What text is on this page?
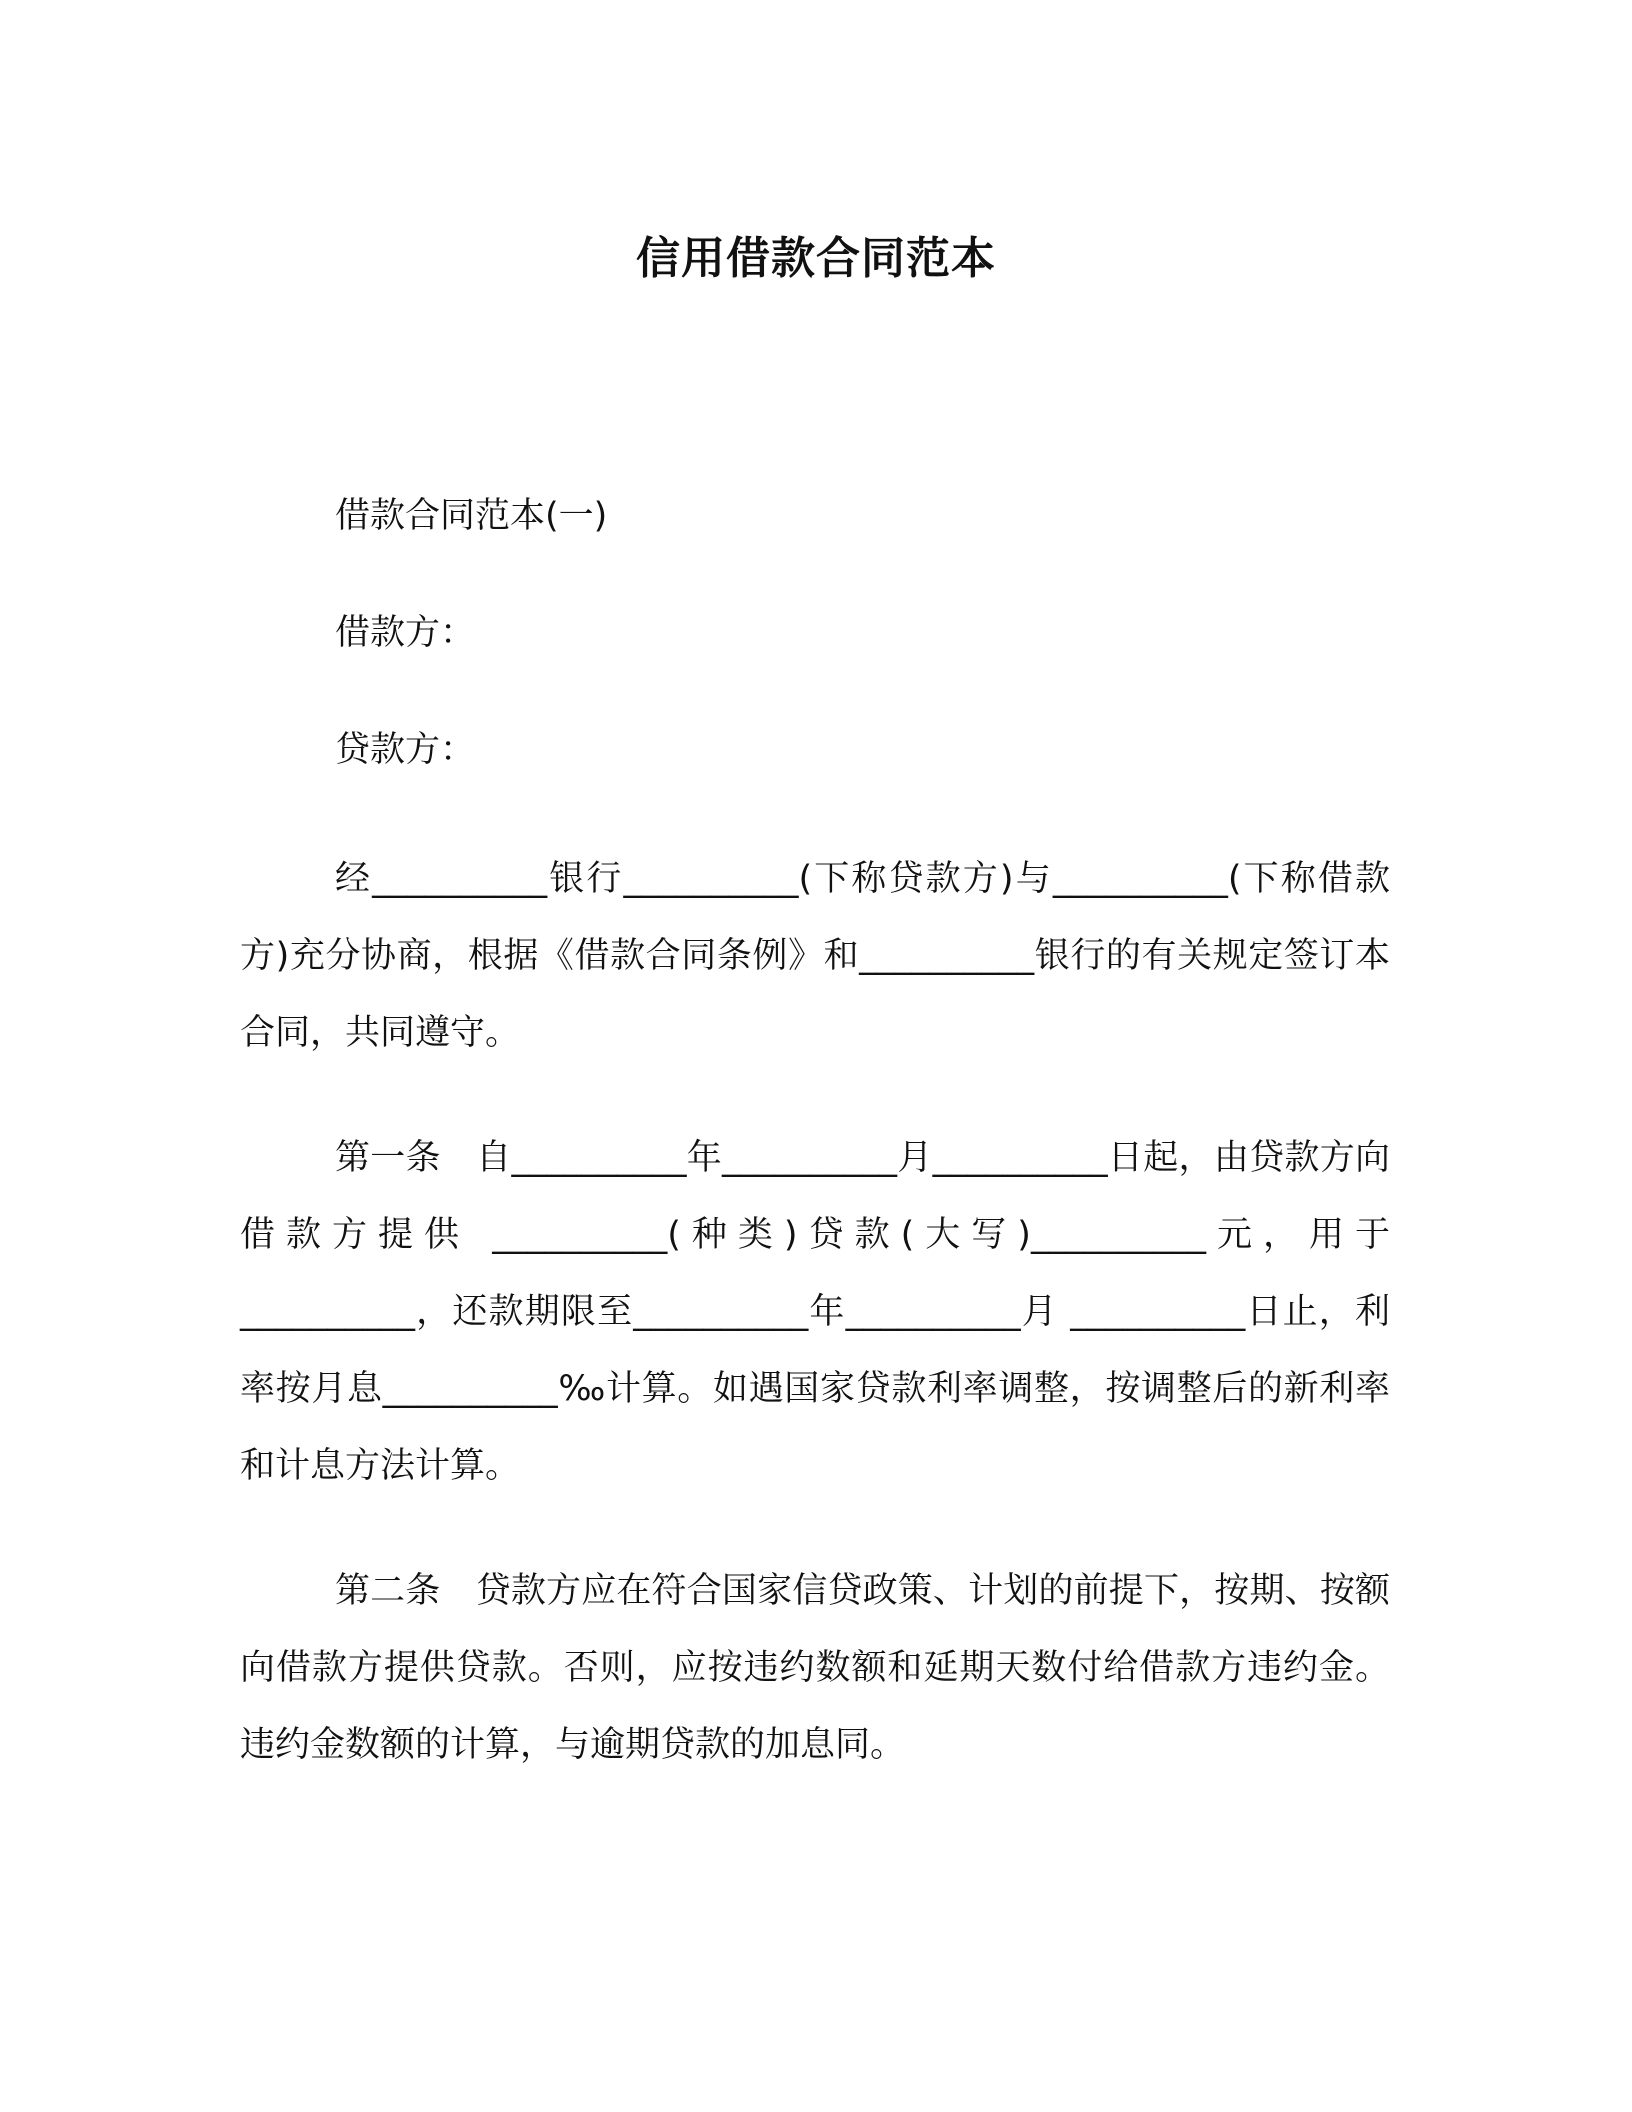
信用借款合同范本

借款合同范本(一)

借款方：

贷款方：

经__________银行__________(下称贷款方)与__________(下称借款方)充分协商，根据《借款合同条例》和__________银行的有关规定签订本合同，共同遵守。

第一条　自__________年__________月__________日起，由贷款方向借款方提供 __________(种类)贷款(大写)__________元，用于__________，还款期限至__________年__________月 __________日止，利率按月息__________‰计算。如遇国家贷款利率调整，按调整后的新利率和计息方法计算。

第二条　贷款方应在符合国家信贷政策、计划的前提下，按期、按额向借款方提供贷款。否则，应按违约数额和延期天数付给借款方违约金。违约金数额的计算，与逾期贷款的加息同。
